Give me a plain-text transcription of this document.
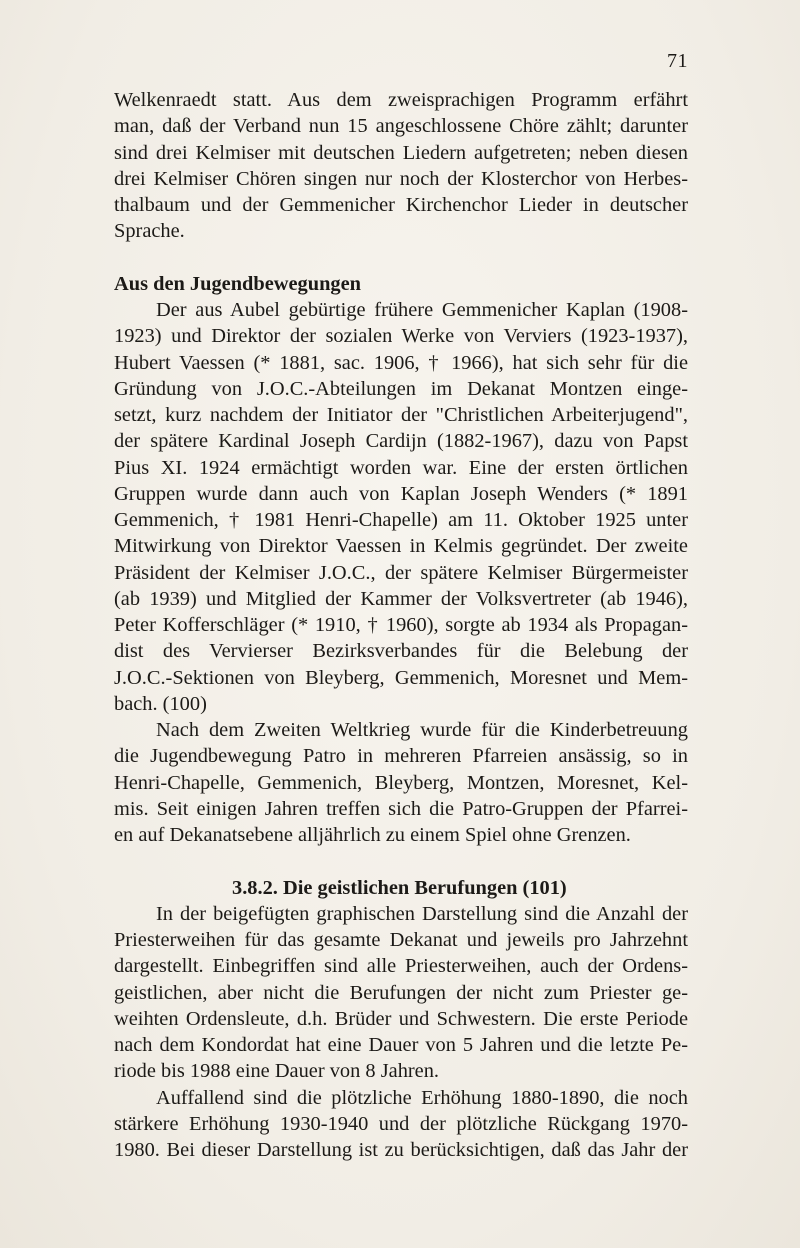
71
Welkenraedt statt. Aus dem zweisprachigen Programm erfährt
man, daß der Verband nun 15 angeschlossene Chöre zählt; darunter
sind drei Kelmiser mit deutschen Liedern aufgetreten; neben diesen
drei Kelmiser Chören singen nur noch der Klosterchor von Herbes-
thalbaum und der Gemmenicher Kirchenchor Lieder in deutscher
Sprache.
Aus den Jugendbewegungen
Der aus Aubel gebürtige frühere Gemmenicher Kaplan (1908-
1923) und Direktor der sozialen Werke von Verviers (1923-1937),
Hubert Vaessen (* 1881, sac. 1906, † 1966), hat sich sehr für die
Gründung von J.O.C.-Abteilungen im Dekanat Montzen einge-
setzt, kurz nachdem der Initiator der "Christlichen Arbeiterjugend",
der spätere Kardinal Joseph Cardijn (1882-1967), dazu von Papst
Pius XI. 1924 ermächtigt worden war. Eine der ersten örtlichen
Gruppen wurde dann auch von Kaplan Joseph Wenders (* 1891
Gemmenich, † 1981 Henri-Chapelle) am 11. Oktober 1925 unter
Mitwirkung von Direktor Vaessen in Kelmis gegründet. Der zweite
Präsident der Kelmiser J.O.C., der spätere Kelmiser Bürgermeister
(ab 1939) und Mitglied der Kammer der Volksvertreter (ab 1946),
Peter Kofferschläger (* 1910, † 1960), sorgte ab 1934 als Propagan-
dist des Vervierser Bezirksverbandes für die Belebung der
J.O.C.-Sektionen von Bleyberg, Gemmenich, Moresnet und Mem-
bach. (100)
Nach dem Zweiten Weltkrieg wurde für die Kinderbetreuung
die Jugendbewegung Patro in mehreren Pfarreien ansässig, so in
Henri-Chapelle, Gemmenich, Bleyberg, Montzen, Moresnet, Kel-
mis. Seit einigen Jahren treffen sich die Patro-Gruppen der Pfarrei-
en auf Dekanatsebene alljährlich zu einem Spiel ohne Grenzen.
3.8.2. Die geistlichen Berufungen (101)
In der beigefügten graphischen Darstellung sind die Anzahl der
Priesterweihen für das gesamte Dekanat und jeweils pro Jahrzehnt
dargestellt. Einbegriffen sind alle Priesterweihen, auch der Ordens-
geistlichen, aber nicht die Berufungen der nicht zum Priester ge-
weihten Ordensleute, d.h. Brüder und Schwestern. Die erste Periode
nach dem Kondordat hat eine Dauer von 5 Jahren und die letzte Pe-
riode bis 1988 eine Dauer von 8 Jahren.
Auffallend sind die plötzliche Erhöhung 1880-1890, die noch
stärkere Erhöhung 1930-1940 und der plötzliche Rückgang 1970-
1980. Bei dieser Darstellung ist zu berücksichtigen, daß das Jahr der
